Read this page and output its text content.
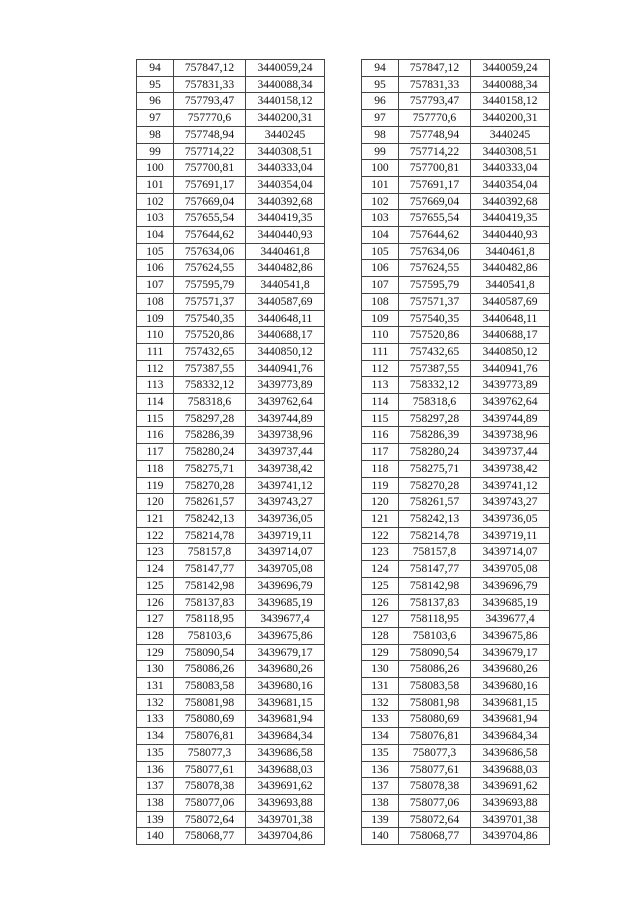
94	757847,12	3440059,24
95	757831,33	3440088,34
96	757793,47	3440158,12
97	757770,6	3440200,31
98	757748,94	3440245
99	757714,22	3440308,51
100	757700,81	3440333,04
101	757691,17	3440354,04
102	757669,04	3440392,68
103	757655,54	3440419,35
104	757644,62	3440440,93
105	757634,06	3440461,8
106	757624,55	3440482,86
107	757595,79	3440541,8
108	757571,37	3440587,69
109	757540,35	3440648,11
110	757520,86	3440688,17
111	757432,65	3440850,12
112	757387,55	3440941,76
113	758332,12	3439773,89
114	758318,6	3439762,64
115	758297,28	3439744,89
116	758286,39	3439738,96
117	758280,24	3439737,44
118	758275,71	3439738,42
119	758270,28	3439741,12
120	758261,57	3439743,27
121	758242,13	3439736,05
122	758214,78	3439719,11
123	758157,8	3439714,07
124	758147,77	3439705,08
125	758142,98	3439696,79
126	758137,83	3439685,19
127	758118,95	3439677,4
128	758103,6	3439675,86
129	758090,54	3439679,17
130	758086,26	3439680,26
131	758083,58	3439680,16
132	758081,98	3439681,15
133	758080,69	3439681,94
134	758076,81	3439684,34
135	758077,3	3439686,58
136	758077,61	3439688,03
137	758078,38	3439691,62
138	758077,06	3439693,88
139	758072,64	3439701,38
140	758068,77	3439704,86
94	757847,12	3440059,24
95	757831,33	3440088,34
96	757793,47	3440158,12
97	757770,6	3440200,31
98	757748,94	3440245
99	757714,22	3440308,51
100	757700,81	3440333,04
101	757691,17	3440354,04
102	757669,04	3440392,68
103	757655,54	3440419,35
104	757644,62	3440440,93
105	757634,06	3440461,8
106	757624,55	3440482,86
107	757595,79	3440541,8
108	757571,37	3440587,69
109	757540,35	3440648,11
110	757520,86	3440688,17
111	757432,65	3440850,12
112	757387,55	3440941,76
113	758332,12	3439773,89
114	758318,6	3439762,64
115	758297,28	3439744,89
116	758286,39	3439738,96
117	758280,24	3439737,44
118	758275,71	3439738,42
119	758270,28	3439741,12
120	758261,57	3439743,27
121	758242,13	3439736,05
122	758214,78	3439719,11
123	758157,8	3439714,07
124	758147,77	3439705,08
125	758142,98	3439696,79
126	758137,83	3439685,19
127	758118,95	3439677,4
128	758103,6	3439675,86
129	758090,54	3439679,17
130	758086,26	3439680,26
131	758083,58	3439680,16
132	758081,98	3439681,15
133	758080,69	3439681,94
134	758076,81	3439684,34
135	758077,3	3439686,58
136	758077,61	3439688,03
137	758078,38	3439691,62
138	758077,06	3439693,88
139	758072,64	3439701,38
140	758068,77	3439704,86
